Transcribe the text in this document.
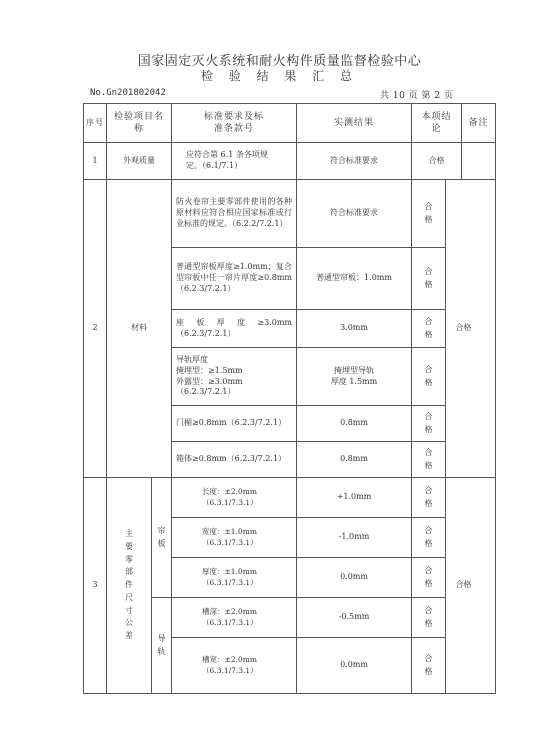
国家固定灭火系统和耐火构件质量监督检验中心
检 验 结 果 汇 总
No.Gn201802042	共 10 页 第 2 页
序号	检验项目名称		标准要求及标准条款号	实测结果	本项结论		备注
1	外观质量		应符合第 6.1 条各项规定。（6.1/7.1）	符合标准要求	合格		
2	材料		防火卷帘主要零部件使用的各种原材料应符合相应国家标准或行业标准的规定。（6.2.2/7.2.1）	符合标准要求	合格	合格	
			普通型帘板厚度≥1.0mm；复合型帘板中任一帘片厚度≥0.8mm（6.2.3/7.2.1）	普通型帘板：1.0mm	合格		
			座板厚度≥3.0mm（6.2.3/7.2.1）	3.0mm	合格		
			导轨厚度
掩埋型：≥1.5mm
外露型：≥3.0mm
（6.2.3/7.2.1）	掩埋型导轨
厚度 1.5mm	合格		
			门楣≥0.8mm（6.2.3/7.2.1）	0.8mm	合格		
			箱体≥0.8mm（6.2.3/7.2.1）	0.8mm	合格		
3	主要零部件尺寸公差	帘板	长度：±2.0mm
（6.3.1/7.3.1）	+1.0mm	合格	合格	
			宽度：±1.0mm
（6.3.1/7.3.1）	-1.0mm	合格		
			厚度：±1.0mm
（6.3.1/7.3.1）	0.0mm	合格		
		导轨	槽深：±2.0mm
（6.3.1/7.3.1）	-0.5mm	合格		
			槽宽：±2.0mm
（6.3.1/7.3.1）	0.0mm	合格		
